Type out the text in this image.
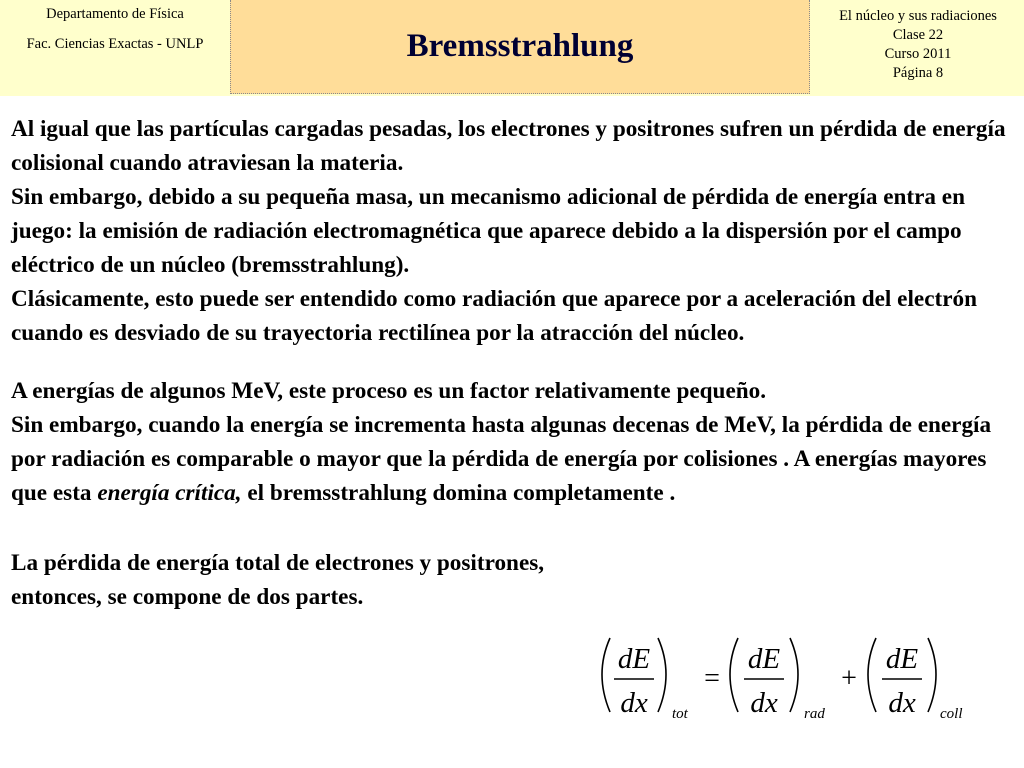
Departamento de Física
Fac. Ciencias Exactas - UNLP	Bremsstrahlung
El núcleo y sus radiaciones
Clase 22
Curso 2011
Página 8

Al igual que las partículas cargadas pesadas, los electrones y positrones sufren un pérdida de energía colisional cuando atraviesan la materia.

Sin embargo, debido a su pequeña masa, un mecanismo adicional de pérdida de energía entra en juego: la emisión de radiación electromagnética que aparece debido a la dispersión por el campo eléctrico de un núcleo (bremsstrahlung).

Clásicamente, esto puede ser entendido como radiación que aparece por a aceleración del electrón cuando es desviado de su trayectoria rectilínea por la atracción del núcleo.

A energías de algunos MeV, este proceso es un factor relativamente pequeño.

Sin embargo, cuando la energía se incrementa hasta algunas decenas de MeV, la pérdida de energía por radiación es comparable o mayor que la pérdida de energía por colisiones . A energías mayores que esta energía crítica, el bremsstrahlung domina completamente .

La pérdida de energía total de electrones y positrones, entonces, se compone de dos partes.

dE
dx tot
=
dE
dx rad
+
dE
dx coll
